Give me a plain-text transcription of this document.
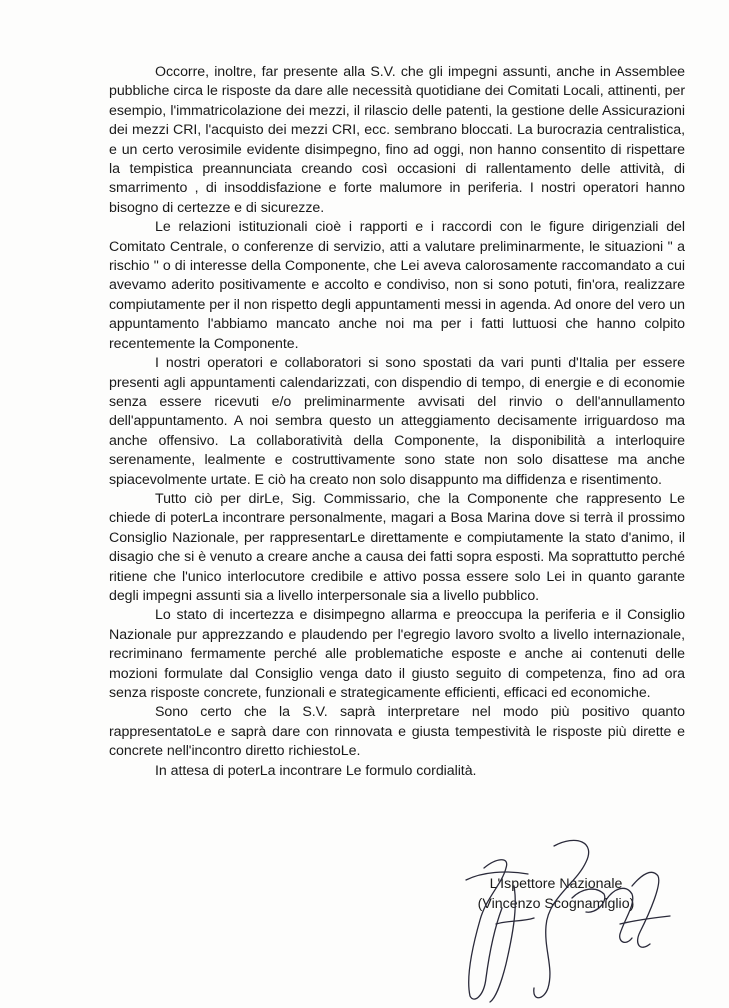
Occorre, inoltre, far presente alla S.V. che gli impegni assunti, anche in Assemblee pubbliche circa le risposte da dare alle necessità quotidiane dei Comitati Locali, attinenti, per esempio, l'immatricolazione dei mezzi, il rilascio delle patenti, la gestione delle Assicurazioni dei mezzi CRI, l'acquisto dei mezzi CRI, ecc. sembrano bloccati. La burocrazia centralistica, e un certo verosimile evidente disimpegno, fino ad oggi, non hanno consentito di rispettare la tempistica preannunciata creando così occasioni di rallentamento delle attività, di smarrimento , di insoddisfazione e forte malumore in periferia. I nostri operatori hanno bisogno di certezze e di sicurezze.

Le relazioni istituzionali cioè i rapporti e i raccordi con le figure dirigenziali del Comitato Centrale, o conferenze di servizio, atti a valutare preliminarmente, le situazioni " a rischio " o di interesse della Componente, che Lei aveva calorosamente raccomandato a cui avevamo aderito positivamente e accolto e condiviso, non si sono potuti, fin'ora, realizzare compiutamente per il non rispetto degli appuntamenti messi in agenda. Ad onore del vero un appuntamento l'abbiamo mancato anche noi ma per i fatti luttuosi che hanno colpito recentemente la Componente.

I nostri operatori e collaboratori si sono spostati da vari punti d'Italia per essere presenti agli appuntamenti calendarizzati, con dispendio di tempo, di energie e di economie senza essere ricevuti e/o preliminarmente avvisati del rinvio o dell'annullamento dell'appuntamento. A noi sembra questo un atteggiamento decisamente irriguardoso ma anche offensivo. La collaboratività della Componente, la disponibilità a interloquire serenamente, lealmente e costruttivamente sono state non solo disattese ma anche spiacevolmente urtate. E ciò ha creato non solo disappunto ma diffidenza e risentimento.

Tutto ciò per dirLe, Sig. Commissario, che la Componente che rappresento Le chiede di poterLa incontrare personalmente, magari a Bosa Marina dove si terrà il prossimo Consiglio Nazionale, per rappresentarLe direttamente e compiutamente la stato d'animo, il disagio che si è venuto a creare anche a causa dei fatti sopra esposti. Ma soprattutto perché ritiene che l'unico interlocutore credibile e attivo possa essere solo Lei in quanto garante degli impegni assunti sia a livello interpersonale sia a livello pubblico.

Lo stato di incertezza e disimpegno allarma e preoccupa la periferia e il Consiglio Nazionale pur apprezzando e plaudendo per l'egregio lavoro svolto a livello internazionale, recriminano fermamente perché alle problematiche esposte e anche ai contenuti delle mozioni formulate dal Consiglio venga dato il giusto seguito di competenza, fino ad ora senza risposte concrete, funzionali e strategicamente efficienti, efficaci ed economiche.

Sono certo che la S.V. saprà interpretare nel modo più positivo quanto rappresentatoLe e saprà dare con rinnovata e giusta tempestività le risposte più dirette e concrete nell'incontro diretto richiestoLe.

In attesa di poterLa incontrare Le formulo cordialità.

L'Ispettore Nazionale
(Vincenzo Scognamiglio)
